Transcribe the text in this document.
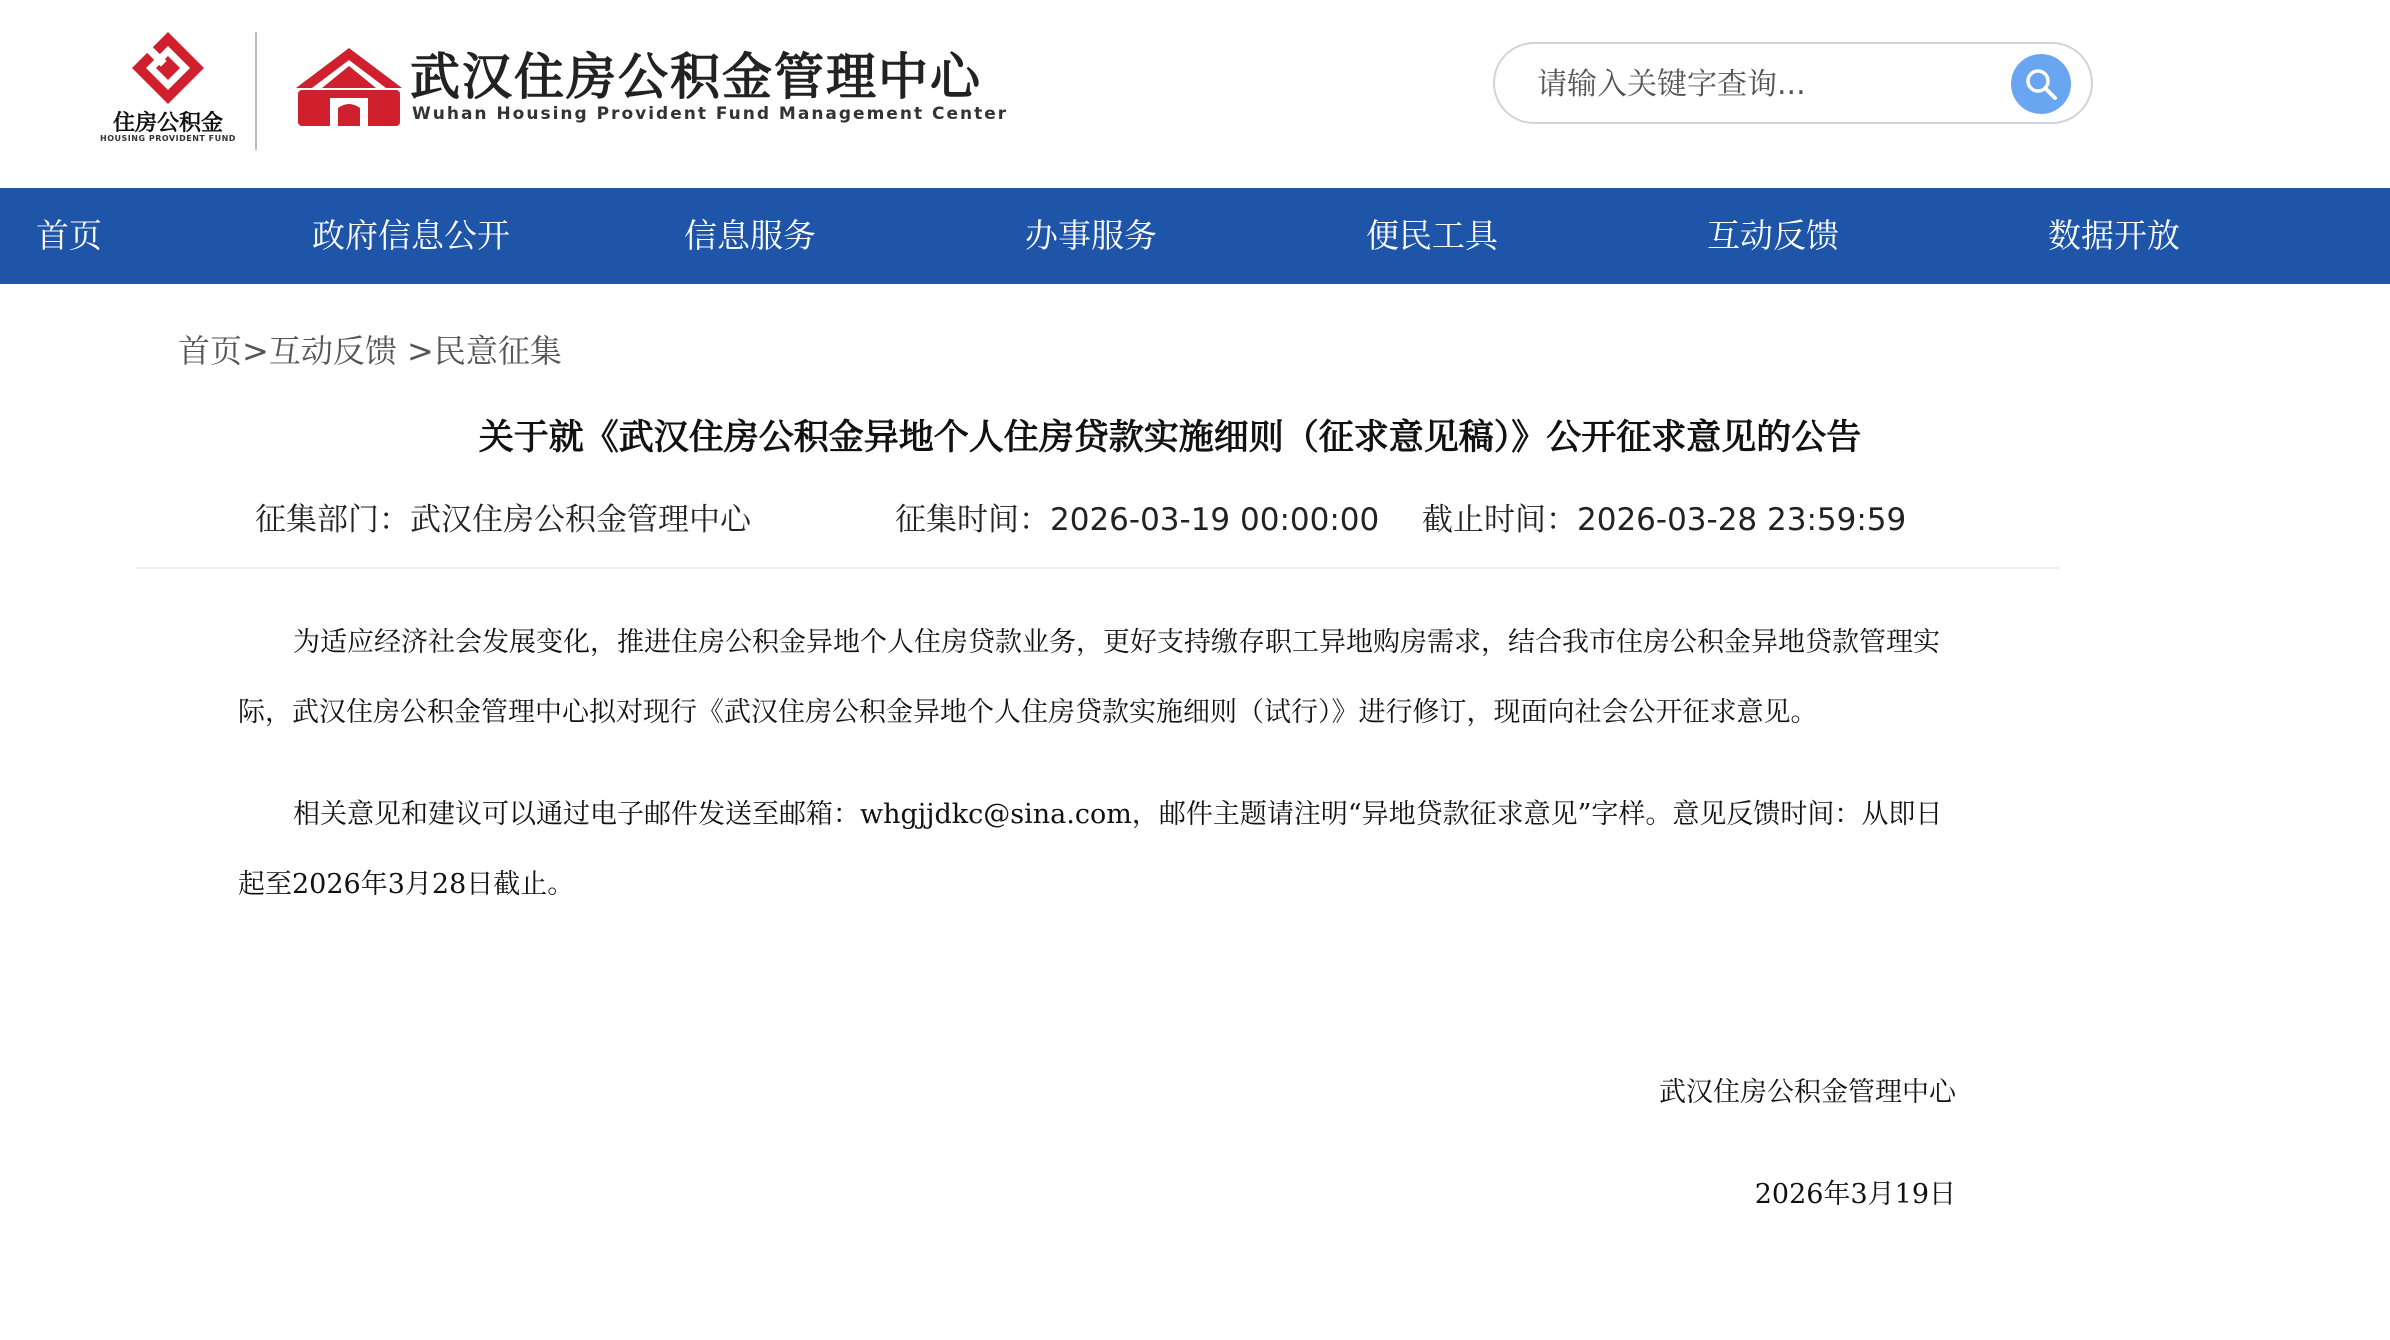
住房公积金
HOUSING PROVIDENT FUND
武汉住房公积金管理中心
Wuhan Housing Provident Fund Management Center
请输入关键字查询...
首页	政府信息公开	信息服务	办事服务	便民工具	互动反馈	数据开放
首页>互动反馈 >民意征集
关于就《武汉住房公积金异地个人住房贷款实施细则（征求意见稿）》公开征求意见的公告
征集部门：武汉住房公积金管理中心	征集时间：2026-03-19 00:00:00 截止时间：2026-03-28 23:59:59

为适应经济社会发展变化，推进住房公积金异地个人住房贷款业务，更好支持缴存职工异地购房需求，结合我市住房公积金异地贷款管理实际，武汉住房公积金管理中心拟对现行《武汉住房公积金异地个人住房贷款实施细则（试行）》进行修订，现面向社会公开征求意见。

相关意见和建议可以通过电子邮件发送至邮箱：whgjjdkc@sina.com，邮件主题请注明“异地贷款征求意见”字样。意见反馈时间：从即日起至2026年3月28日截止。

武汉住房公积金管理中心
2026年3月19日
